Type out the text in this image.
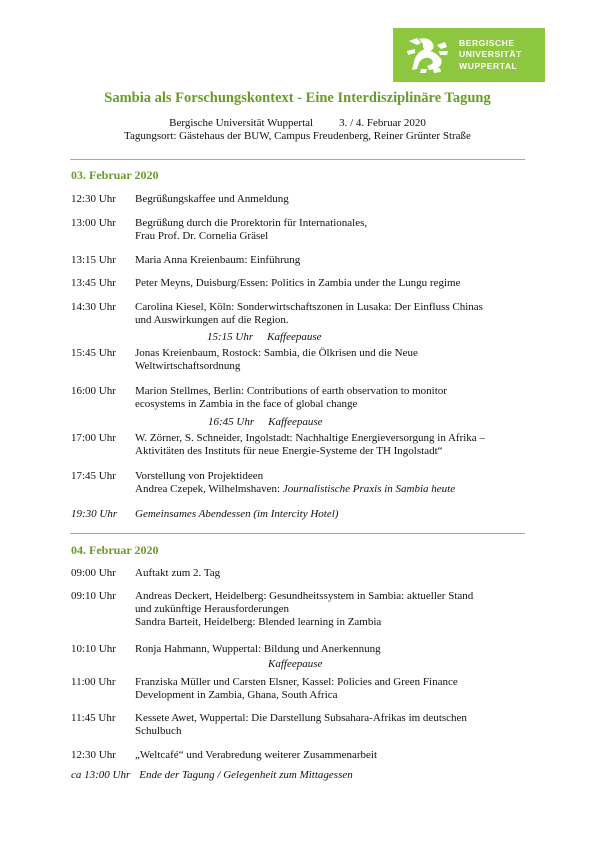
BERGISCHE
UNIVERSITÄT
WUPPERTAL
Sambia als Forschungskontext - Eine Interdisziplinäre Tagung
Bergische Universität Wuppertal 3. / 4. Februar 2020
Tagungsort: Gästehaus der BUW, Campus Freudenberg, Reiner Grünter Straße
03. Februar 2020
12:30 Uhr Begrüßungskaffee und Anmeldung
13:00 Uhr Begrüßung durch die Prorektorin für Internationales,
Frau Prof. Dr. Cornelia Gräsel
13:15 Uhr Maria Anna Kreienbaum: Einführung
13:45 Uhr Peter Meyns, Duisburg/Essen: Politics in Zambia under the Lungu regime
14:30 Uhr Carolina Kiesel, Köln: Sonderwirtschaftszonen in Lusaka: Der Einfluss Chinas
und Auswirkungen auf die Region.
15:15 Uhr Kaffeepause
15:45 Uhr Jonas Kreienbaum, Rostock: Sambia, die Ölkrisen und die Neue
Weltwirtschaftsordnung
16:00 Uhr Marion Stellmes, Berlin: Contributions of earth observation to monitor
ecosystems in Zambia in the face of global change
16:45 Uhr Kaffeepause
17:00 Uhr W. Zörner, S. Schneider, Ingolstadt: Nachhaltige Energieversorgung in Afrika –
Aktivitäten des Instituts für neue Energie-Systeme der TH Ingolstadt“
17:45 Uhr Vorstellung von Projektideen
Andrea Czepek, Wilhelmshaven: Journalistische Praxis in Sambia heute
19:30 Uhr Gemeinsames Abendessen (im Intercity Hotel)
04. Februar 2020
09:00 Uhr Auftakt zum 2. Tag
09:10 Uhr Andreas Deckert, Heidelberg: Gesundheitssystem in Sambia: aktueller Stand
und zukünftige Herausforderungen
Sandra Barteit, Heidelberg: Blended learning in Zambia
10:10 Uhr Ronja Hahmann, Wuppertal: Bildung und Anerkennung
Kaffeepause
11:00 Uhr Franziska Müller und Carsten Elsner, Kassel: Policies and Green Finance
Development in Zambia, Ghana, South Africa
11:45 Uhr Kessete Awet, Wuppertal: Die Darstellung Subsahara-Afrikas im deutschen
Schulbuch
12:30 Uhr „Weltcafé“ und Verabredung weiterer Zusammenarbeit
ca 13:00 Uhr Ende der Tagung / Gelegenheit zum Mittagessen
